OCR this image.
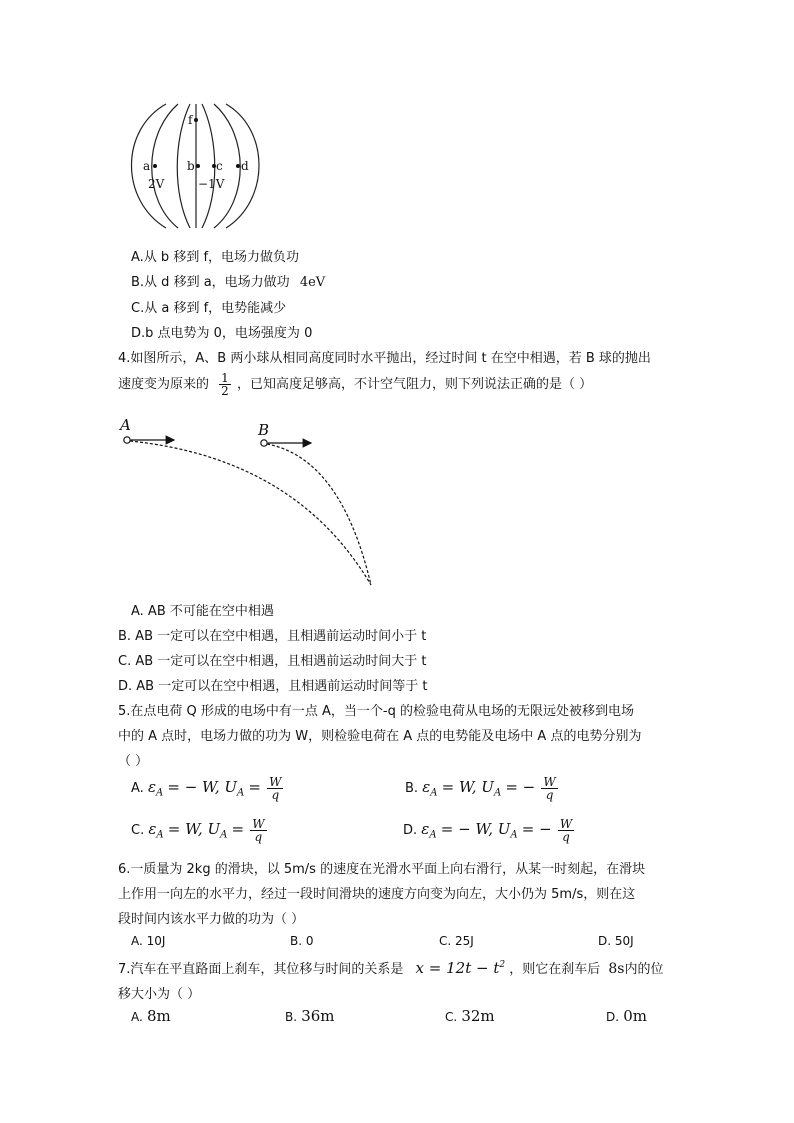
f
a	b c d
2V	−1V
A.从 b 移到 f，电场力做负功
B.从 d 移到 a，电场力做功 4eV
C.从 a 移到 f，电势能减少
D.b 点电势为 0，电场强度为 0
4.如图所示，A、B 两小球从相同高度同时水平抛出，经过时间 t 在空中相遇，若 B 球的抛出
速度变为原来的 $\frac{1}{2}$ ，已知高度足够高，不计空气阻力，则下列说法正确的是（ ）
A	B
A. AB 不可能在空中相遇
B. AB 一定可以在空中相遇，且相遇前运动时间小于 t
C. AB 一定可以在空中相遇，且相遇前运动时间大于 t
D. AB 一定可以在空中相遇，且相遇前运动时间等于 t
5.在点电荷 Q 形成的电场中有一点 A，当一个-q 的检验电荷从电场的无限远处被移到电场
中的 A 点时，电场力做的功为 W，则检验电荷在 A 点的电势能及电场中 A 点的电势分别为
（ ）
A. $\varepsilon_A$ = − W, $U_A = \frac{W}{q}$	B. $\varepsilon_A = W$, $U_A$ = − $\frac{W}{q}$
C. $\varepsilon_A = W$, $U_A = \frac{W}{q}$	D. $\varepsilon_A$ = − W, $U_A$ = − $\frac{W}{q}$
6.一质量为 2kg 的滑块，以 5m/s 的速度在光滑水平面上向右滑行，从某一时刻起，在滑块
上作用一向左的水平力，经过一段时间滑块的速度方向变为向左，大小仍为 5m/s，则在这
段时间内该水平力做的功为（ ）
A. 10J	B. 0	C. 25J	D. 50J
7.汽车在平直路面上刹车，其位移与时间的关系是 $x = 12t - t^2$ ，则它在刹车后 8s内的位
移大小为（ ）
A. 8m	B. 36m	C. 32m	D. 0m
